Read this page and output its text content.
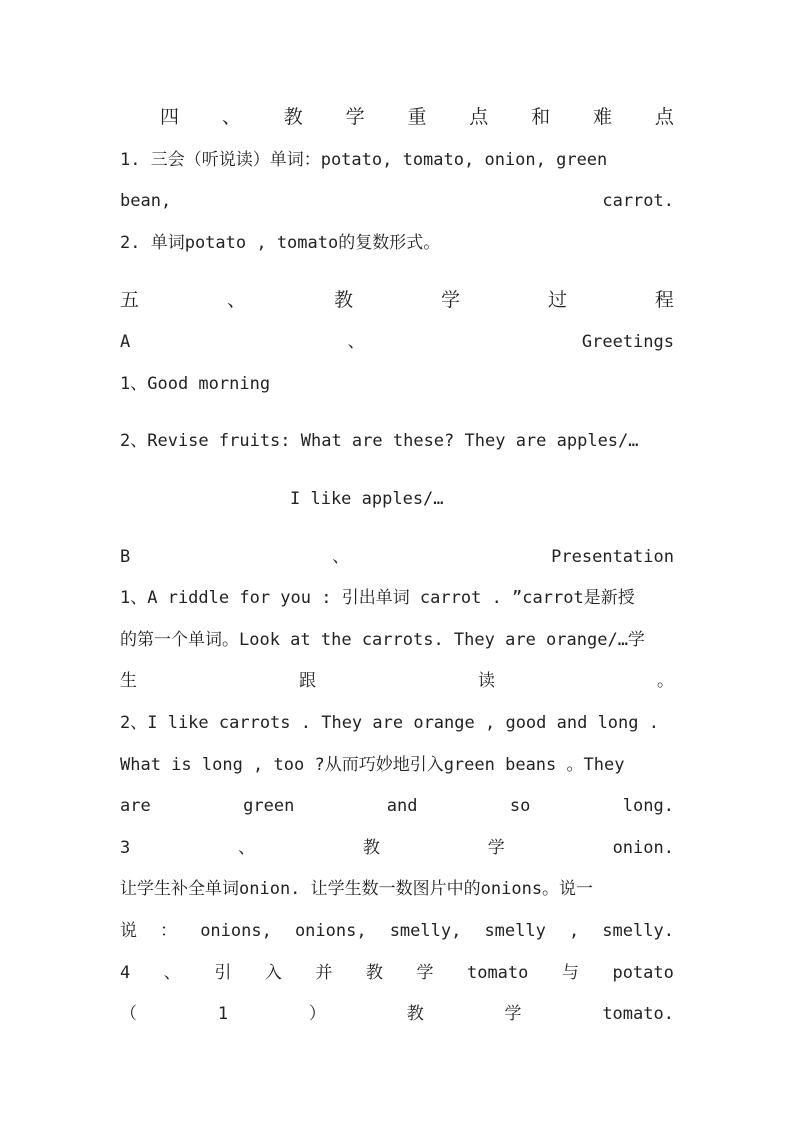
四 、 教 学 重 点 和 难 点
1. 三会（听说读）单词：potato, tomato, onion, green
bean,	carrot.
2. 单词potato , tomato的复数形式。
五	、	教	学	过	程
A	、	Greetings
1、Good morning
2、Revise fruits: What are these? They are apples/…
I like apples/…
B	、	Presentation
1、A riddle for you : 引出单词 carrot . ”carrot是新授
的第一个单词。Look at the carrots. They are orange/…学
生	跟	读	。
2、I like carrots . They are orange , good and long .
What is long , too ?从而巧妙地引入green beans 。They
are	green	and	so	long.
3	、	教	学	onion.
让学生补全单词onion. 让学生数一数图片中的onions。说一
说 ： onions, onions, smelly, smelly , smelly.
4 、 引 入 并 教 学 tomato 与 potato
（	1	）	教	学	tomato.
